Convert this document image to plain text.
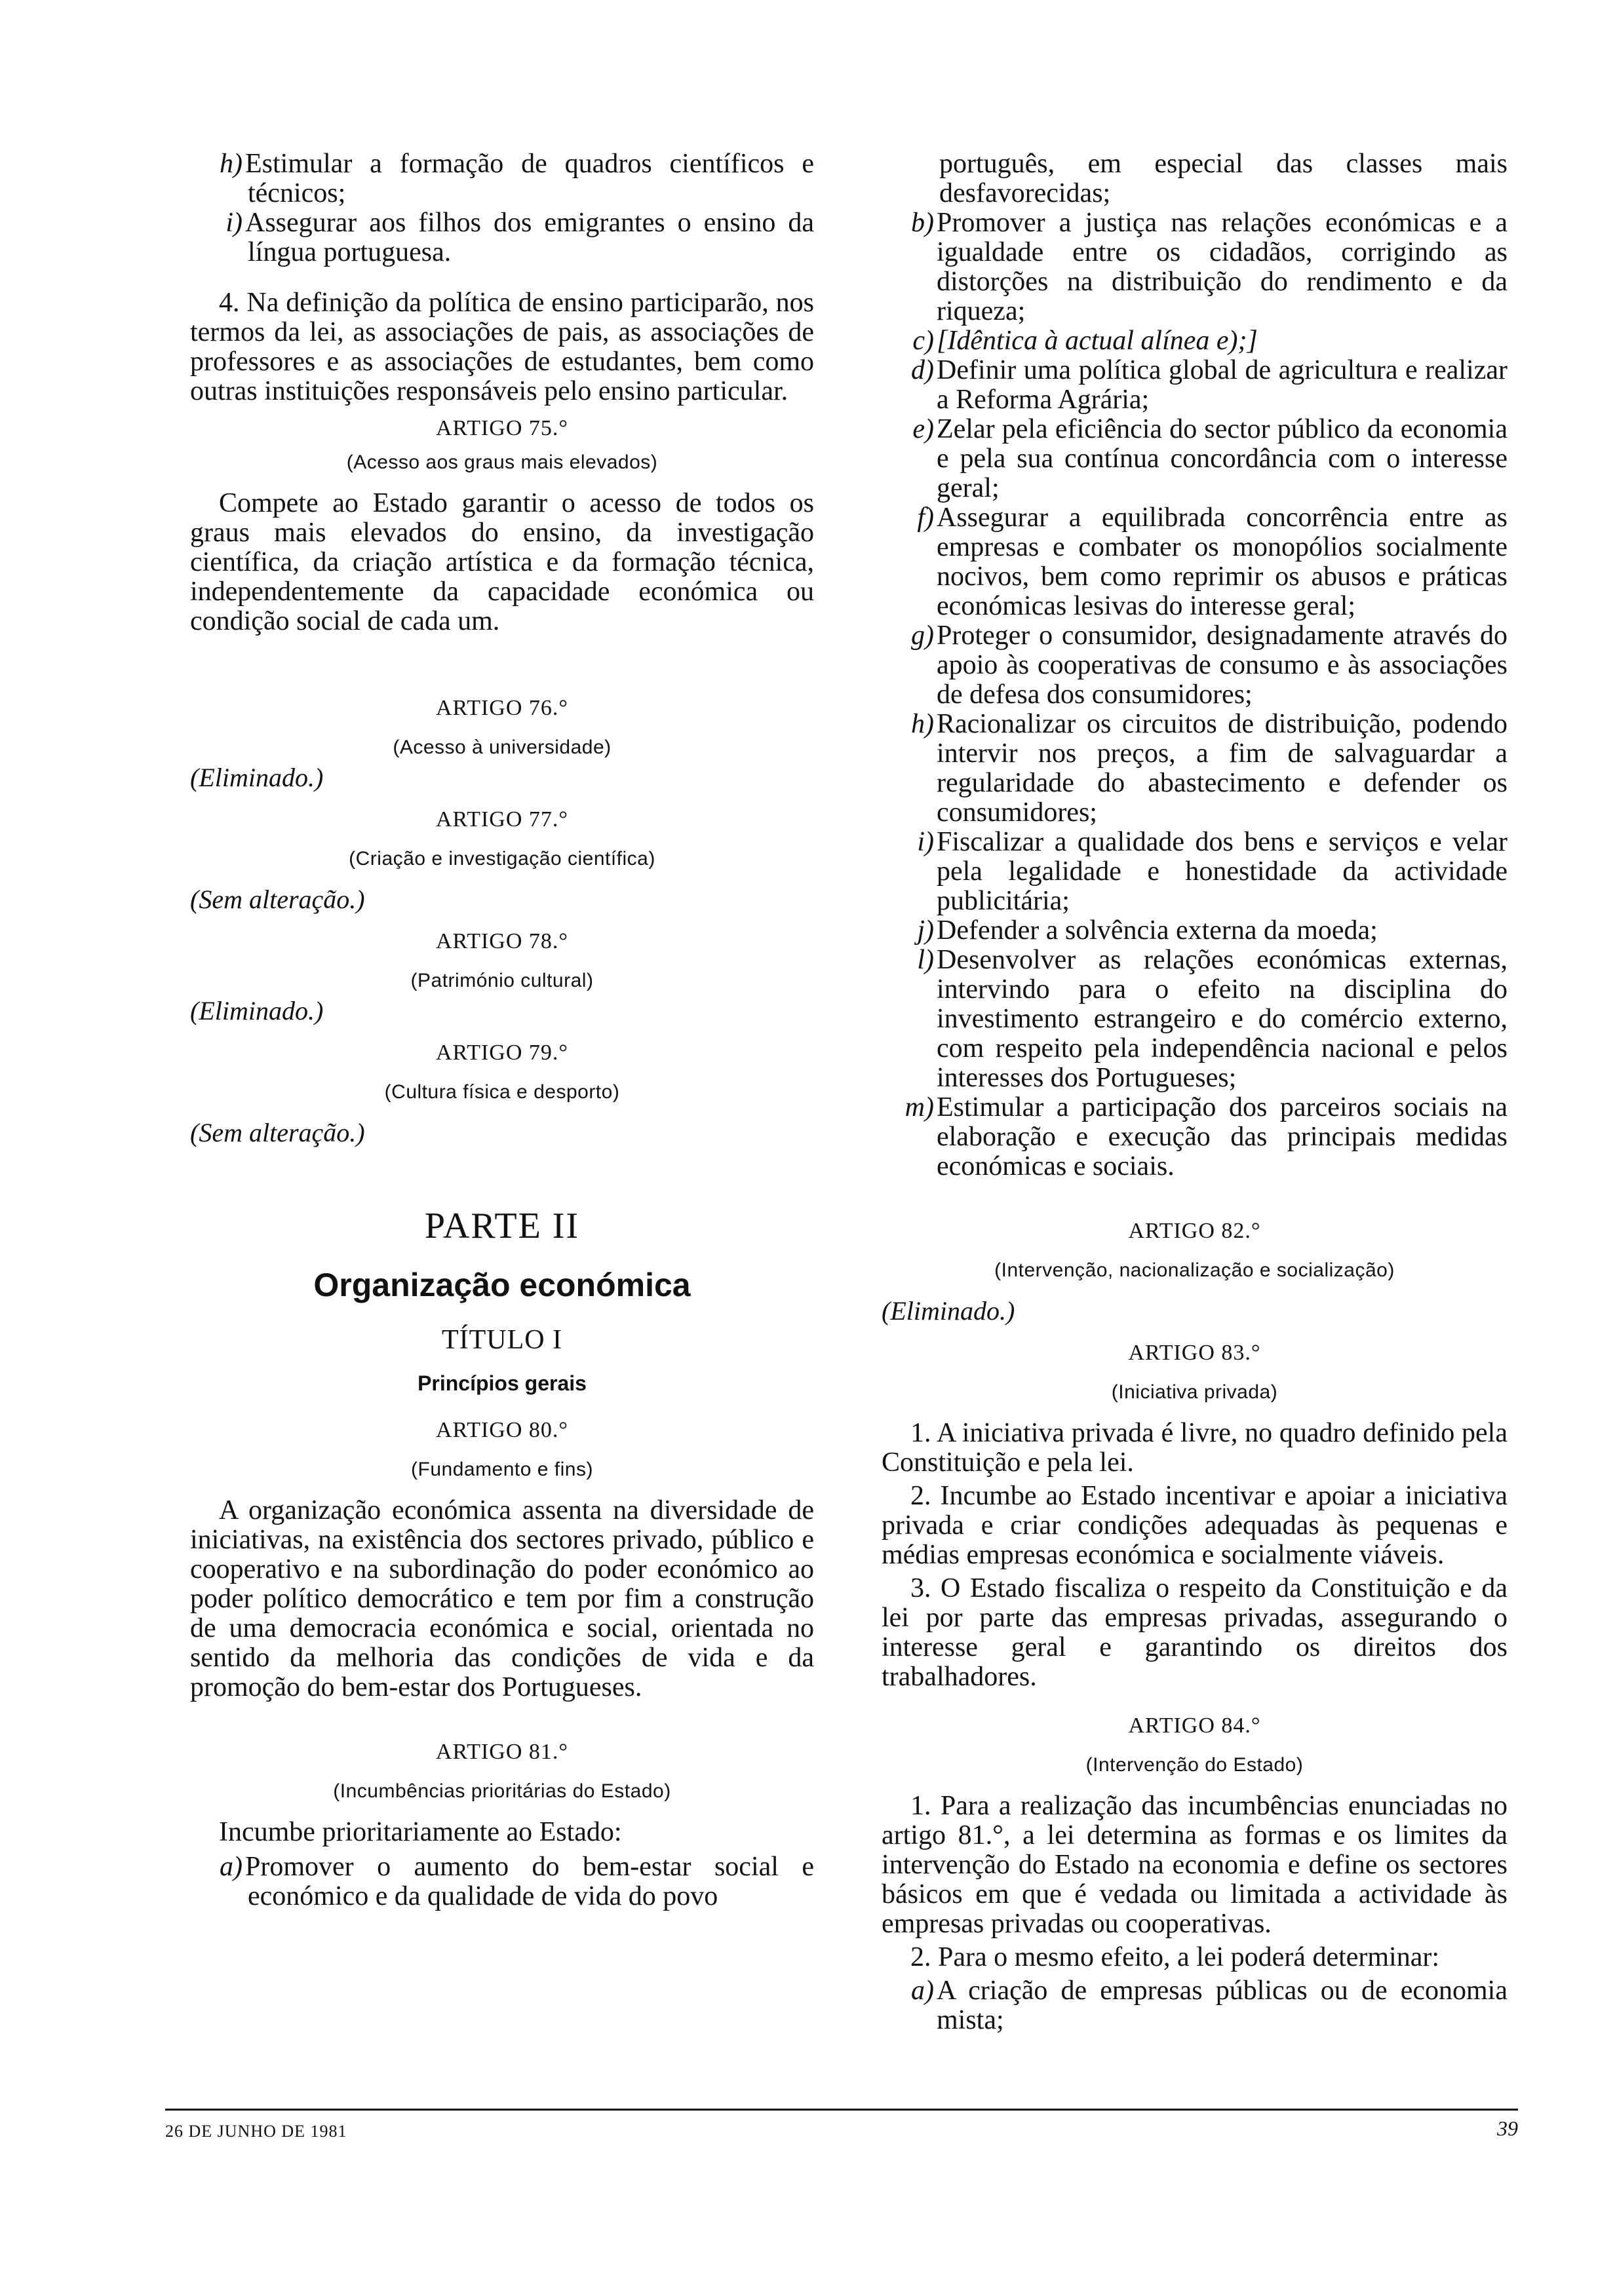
h)Estimular a formação de quadros científicos e técnicos;

i)Assegurar aos filhos dos emigrantes o ensino da língua portuguesa.

4. Na definição da política de ensino participarão, nos termos da lei, as associações de pais, as associações de professores e as associações de estudantes, bem como outras instituições responsáveis pelo ensino particular.

ARTIGO 75.°

(Acesso aos graus mais elevados)

Compete ao Estado garantir o acesso de todos os graus mais elevados do ensino, da investigação científica, da criação artística e da formação técnica, independentemente da capacidade económica ou condição social de cada um.

ARTIGO 76.°

(Acesso à universidade)

(Eliminado.)

ARTIGO 77.°

(Criação e investigação científica)

(Sem alteração.)

ARTIGO 78.°

(Património cultural)

(Eliminado.)

ARTIGO 79.°

(Cultura física e desporto)

(Sem alteração.)

PARTE II

Organização económica

TÍTULO I

Princípios gerais

ARTIGO 80.°

(Fundamento e fins)

A organização económica assenta na diversidade de iniciativas, na existência dos sectores privado, público e cooperativo e na subordinação do poder económico ao poder político democrático e tem por fim a construção de uma democracia económica e social, orientada no sentido da melhoria das condições de vida e da promoção do bem-estar dos Portugueses.

ARTIGO 81.°

(Incumbências prioritárias do Estado)

Incumbe prioritariamente ao Estado:

a)Promover o aumento do bem-estar social e económico e da qualidade de vida do povo

português, em especial das classes mais desfavorecidas;

b)Promover a justiça nas relações económicas e a igualdade entre os cidadãos, corrigindo as distorções na distribuição do rendimento e da riqueza;

c)[Idêntica à actual alínea e);]

d)Definir uma política global de agricultura e realizar a Reforma Agrária;

e)Zelar pela eficiência do sector público da economia e pela sua contínua concordância com o interesse geral;

f)Assegurar a equilibrada concorrência entre as empresas e combater os monopólios socialmente nocivos, bem como reprimir os abusos e práticas económicas lesivas do interesse geral;

g)Proteger o consumidor, designadamente através do apoio às cooperativas de consumo e às associações de defesa dos consumidores;

h)Racionalizar os circuitos de distribuição, podendo intervir nos preços, a fim de salvaguardar a regularidade do abastecimento e defender os consumidores;

i)Fiscalizar a qualidade dos bens e serviços e velar pela legalidade e honestidade da actividade publicitária;

j)Defender a solvência externa da moeda;

l)Desenvolver as relações económicas externas, intervindo para o efeito na disciplina do investimento estrangeiro e do comércio externo, com respeito pela independência nacional e pelos interesses dos Portugueses;

m)Estimular a participação dos parceiros sociais na elaboração e execução das principais medidas económicas e sociais.

ARTIGO 82.°

(Intervenção, nacionalização e socialização)

(Eliminado.)

ARTIGO 83.°

(Iniciativa privada)

1. A iniciativa privada é livre, no quadro definido pela Constituição e pela lei.

2. Incumbe ao Estado incentivar e apoiar a iniciativa privada e criar condições adequadas às pequenas e médias empresas económica e socialmente viáveis.

3. O Estado fiscaliza o respeito da Constituição e da lei por parte das empresas privadas, assegurando o interesse geral e garantindo os direitos dos trabalhadores.

ARTIGO 84.°

(Intervenção do Estado)

1. Para a realização das incumbências enunciadas no artigo 81.°, a lei determina as formas e os limites da intervenção do Estado na economia e define os sectores básicos em que é vedada ou limitada a actividade às empresas privadas ou cooperativas.

2. Para o mesmo efeito, a lei poderá determinar:

a)A criação de empresas públicas ou de economia mista;

26 DE JUNHO DE 1981	39
